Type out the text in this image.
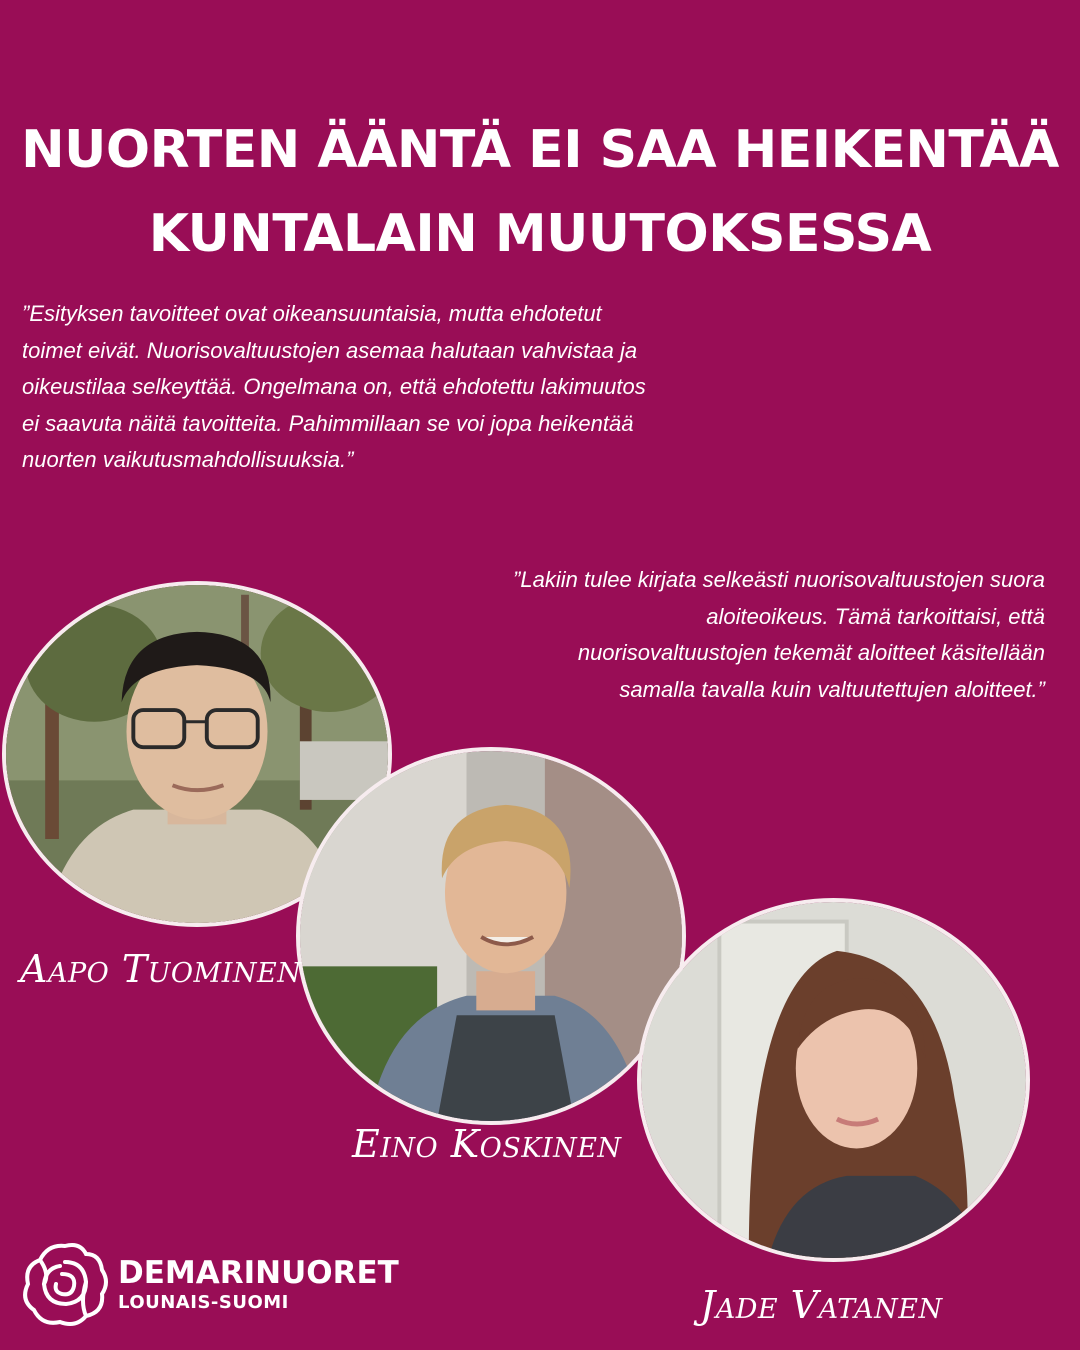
NUORTEN ÄÄNTÄ EI SAA HEIKENTÄÄ
KUNTALAIN MUUTOKSESSA
”Esityksen tavoitteet ovat oikeansuuntaisia, mutta ehdotetut
toimet eivät. Nuorisovaltuustojen asemaa halutaan vahvistaa ja
oikeustilaa selkeyttää. Ongelmana on, että ehdotettu lakimuutos
ei saavuta näitä tavoitteita. Pahimmillaan se voi jopa heikentää
nuorten vaikutusmahdollisuuksia.”
”Lakiin tulee kirjata selkeästi nuorisovaltuustojen suora
aloiteoikeus. Tämä tarkoittaisi, että
nuorisovaltuustojen tekemät aloitteet käsitellään
samalla tavalla kuin valtuutettujen aloitteet.”
Aapo Tuominen
Eino Koskinen
Jade Vatanen
DEMARINUORET
LOUNAIS-SUOMI
